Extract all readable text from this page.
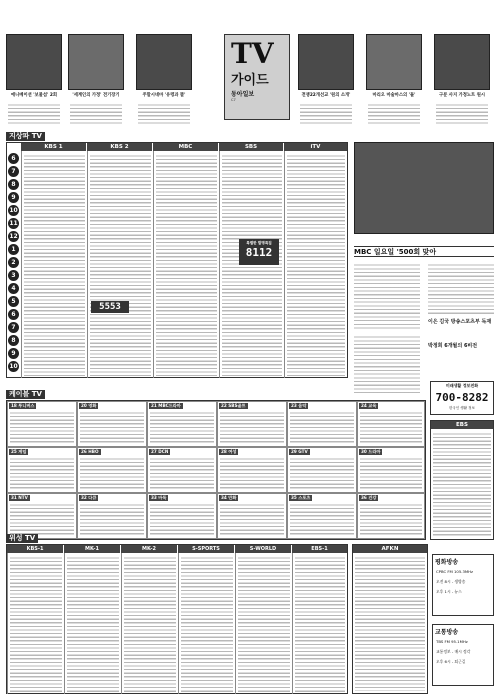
애니메이션 '보물섬' 2회	'세계인의 가정' 전기장기	주말시네마 '유령과 뜰'
TV
가이드
동아일보
C7
전쟁22개선교 '원의 소개'	마리오 마술마스의 '돌'	구분 사지 가정노트 원시
지상파 TV
KBS 1	KBS 2	MBC	SBS	iTV
6
7
8
9
10
11
12
1
2
3
4
5
6
7
8
9
10
특별한 발명특집
8112
5553
MBC 일요일 '500회 맞아
이은 김국 방송스포츠부 독재
박정희 6개월의 6비전
미래생활 정보전화
700-8282
한국인 생활 정보
케이블 TV
18 투니버스	20 영화	21 MBC드라마	22 SBS골프	23 음악	24 교육
25 게임	26 HBO	27 DCN	28 여성	29 GTV	30 드라마
31 NTV	32 다큐	33 바둑	34 만화	35 스포츠	36 건강
EBS
위성 TV
KBS-1	MK-1	MK-2	S-SPORTS	S-WORLD	EBS-1	AFKN
평화방송
CPBC FM 105.3MHz
오전 8시 - 생방송
오후 1시 - 뉴스
교통방송
TBS FM 95.1MHz
교통정보 - 매시 정각
오후 6시 - 퇴근길
